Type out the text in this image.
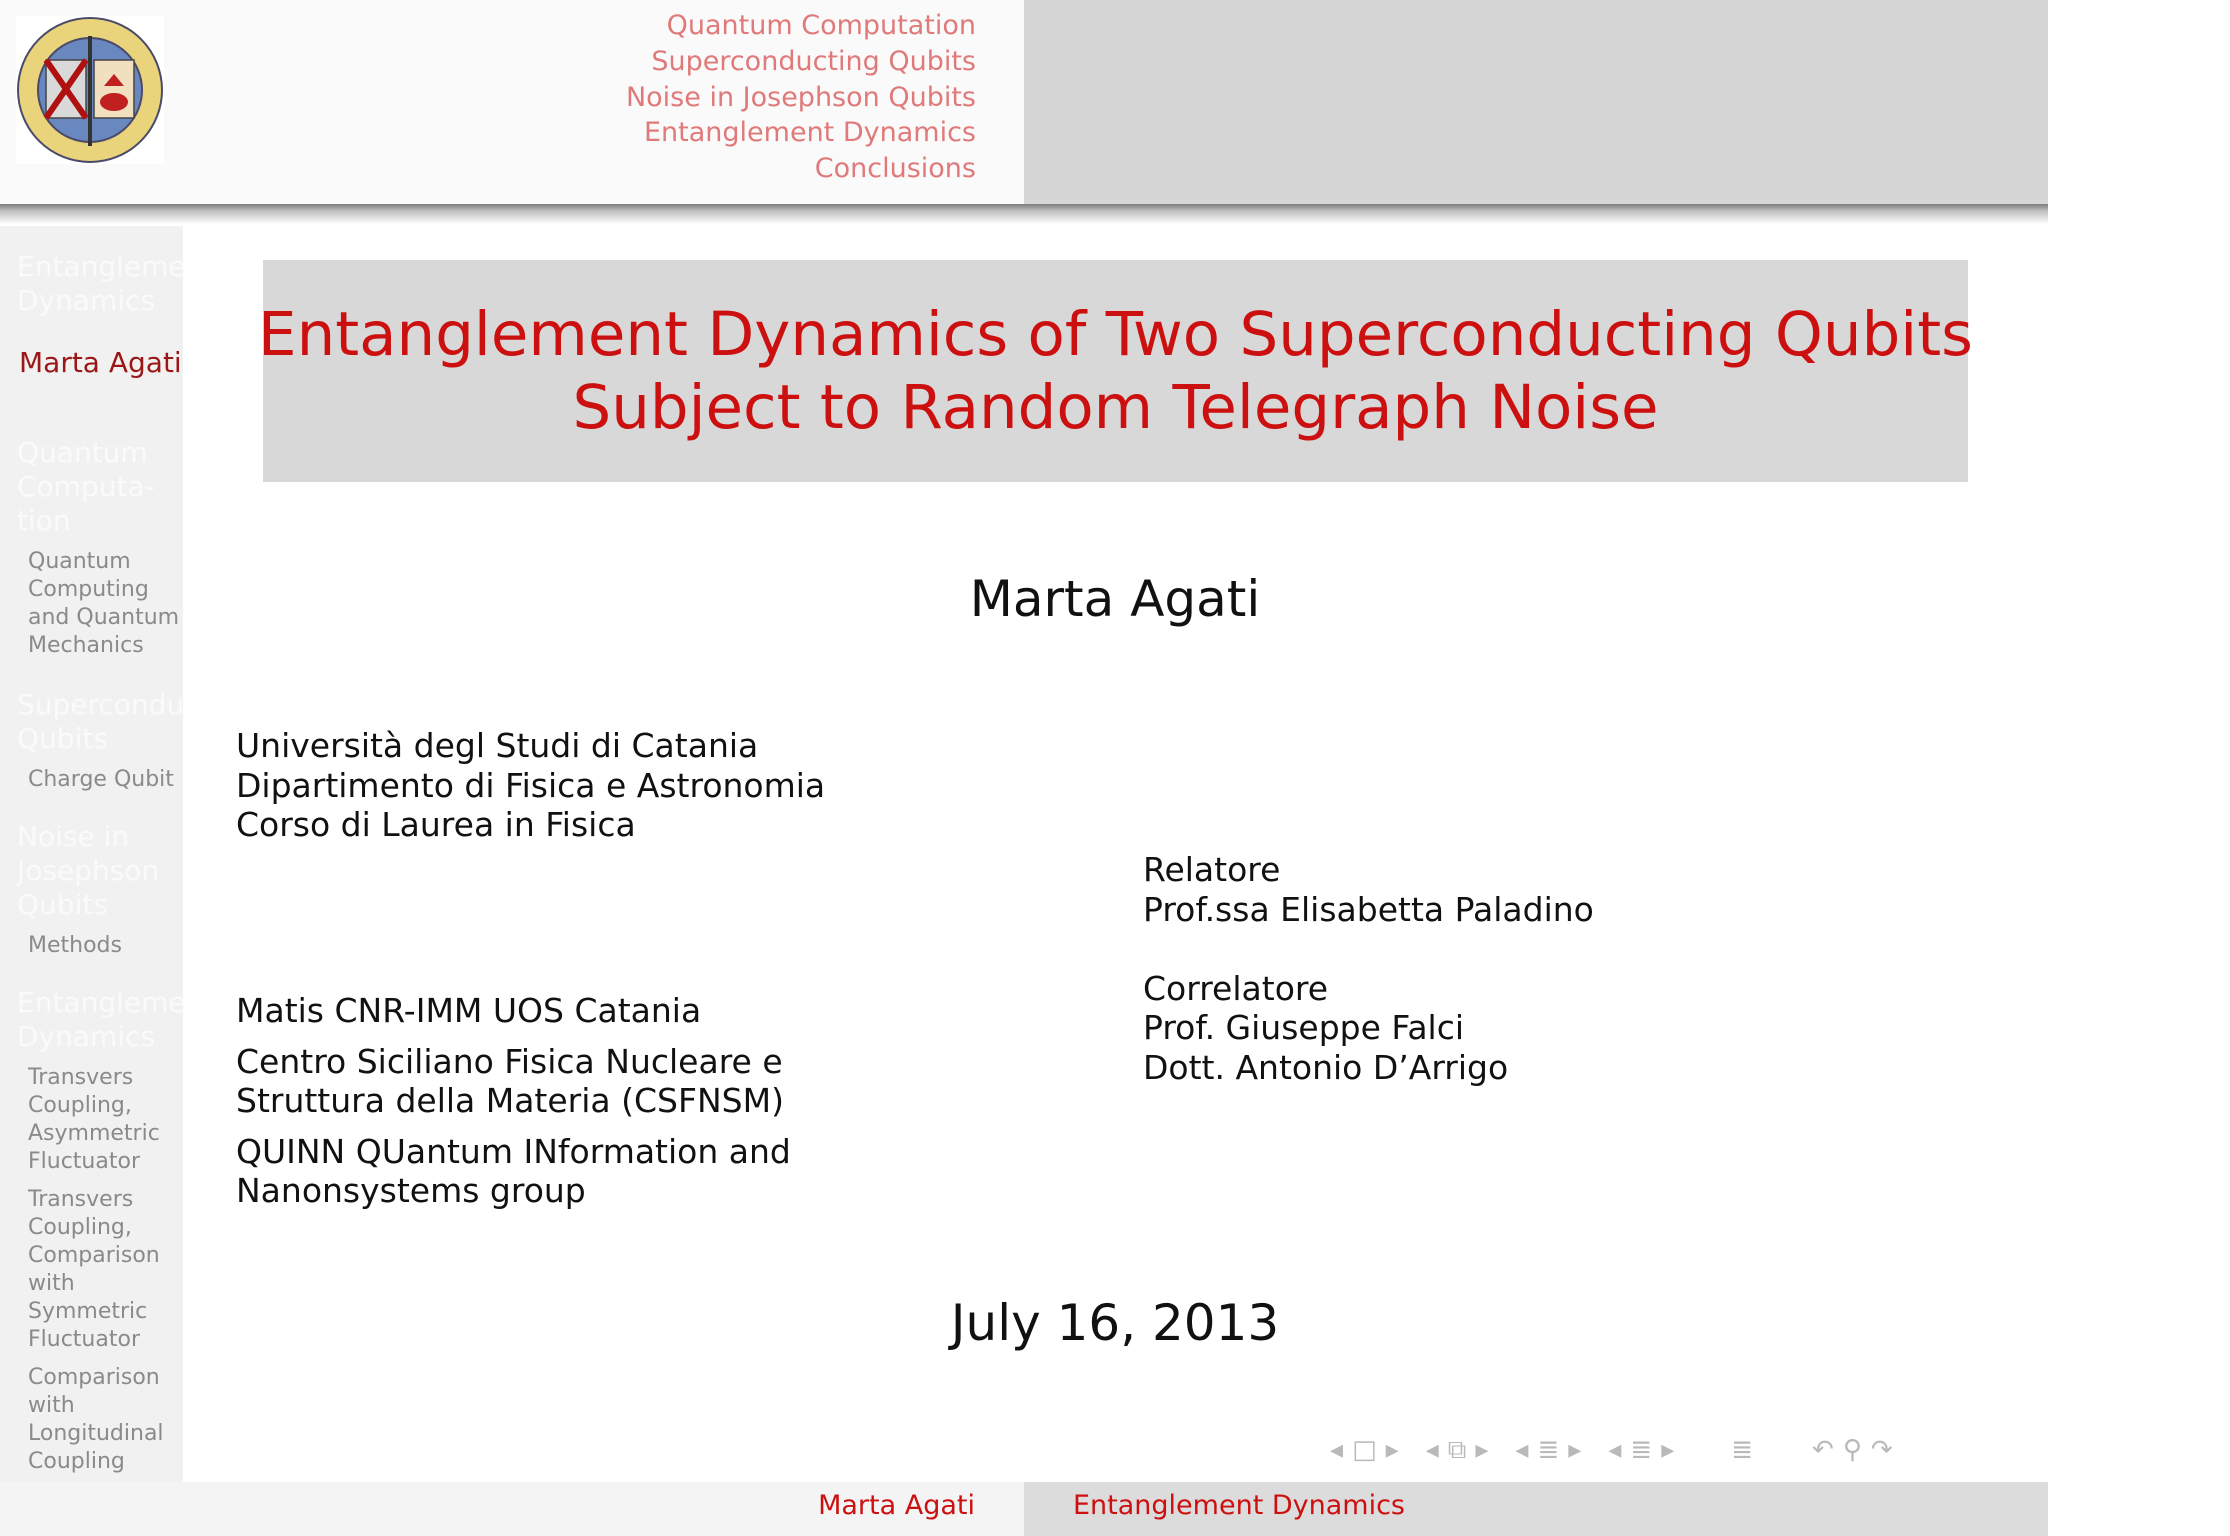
Quantum Computation
Superconducting Qubits
Noise in Josephson Qubits
Entanglement Dynamics
Conclusions
Entanglement
Dynamics
Marta Agati
Quantum
Computa-
tion
Quantum
Computing
and Quantum
Mechanics
Superconducting
Qubits
Charge Qubit
Noise in
Josephson
Qubits
Methods
Entanglement
Dynamics
Transvers
Coupling,
Asymmetric
Fluctuator
Transvers
Coupling,
Comparison
with
Symmetric
Fluctuator
Comparison
with
Longitudinal
Coupling
Entanglement Dynamics of Two Superconducting Qubits
Subject to Random Telegraph Noise
Marta Agati
Università degl Studi di Catania
Dipartimento di Fisica e Astronomia
Corso di Laurea in Fisica
Relatore
Prof.ssa Elisabetta Paladino
Correlatore
Prof. Giuseppe Falci
Dott. Antonio D’Arrigo
Matis CNR-IMM UOS Catania
Centro Siciliano Fisica Nucleare e
Struttura della Materia (CSFNSM)
QUINN QUantum INformation and
Nanonsystems group
July 16, 2013
◂ □ ▸ ◂ ⧉ ▸ ◂ ≣ ▸ ◂ ≣ ▸ ≣ ↶ ⚲ ↷
Marta Agati	Entanglement Dynamics
